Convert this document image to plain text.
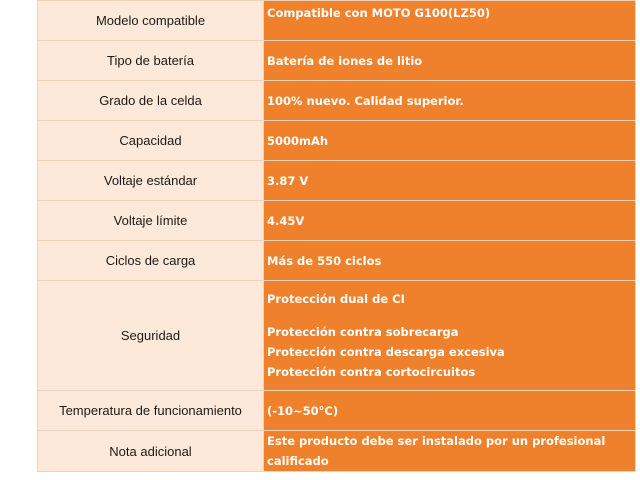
Modelo compatible	Compatible con MOTO G100(LZ50)

Tipo de batería	Batería de iones de litio

Grado de la celda	100% nuevo. Calidad superior.

Capacidad	5000mAh

Voltaje estándar	3.87 V

Voltaje límite	4.45V

Ciclos de carga	Más de 550 ciclos

Seguridad	Protección dual de CI
Protección contra sobrecarga
Protección contra descarga excesiva
Protección contra cortocircuitos

Temperatura de funcionamiento	(-10~50°C)

Nota adicional	Este producto debe ser instalado por un profesional
calificado
